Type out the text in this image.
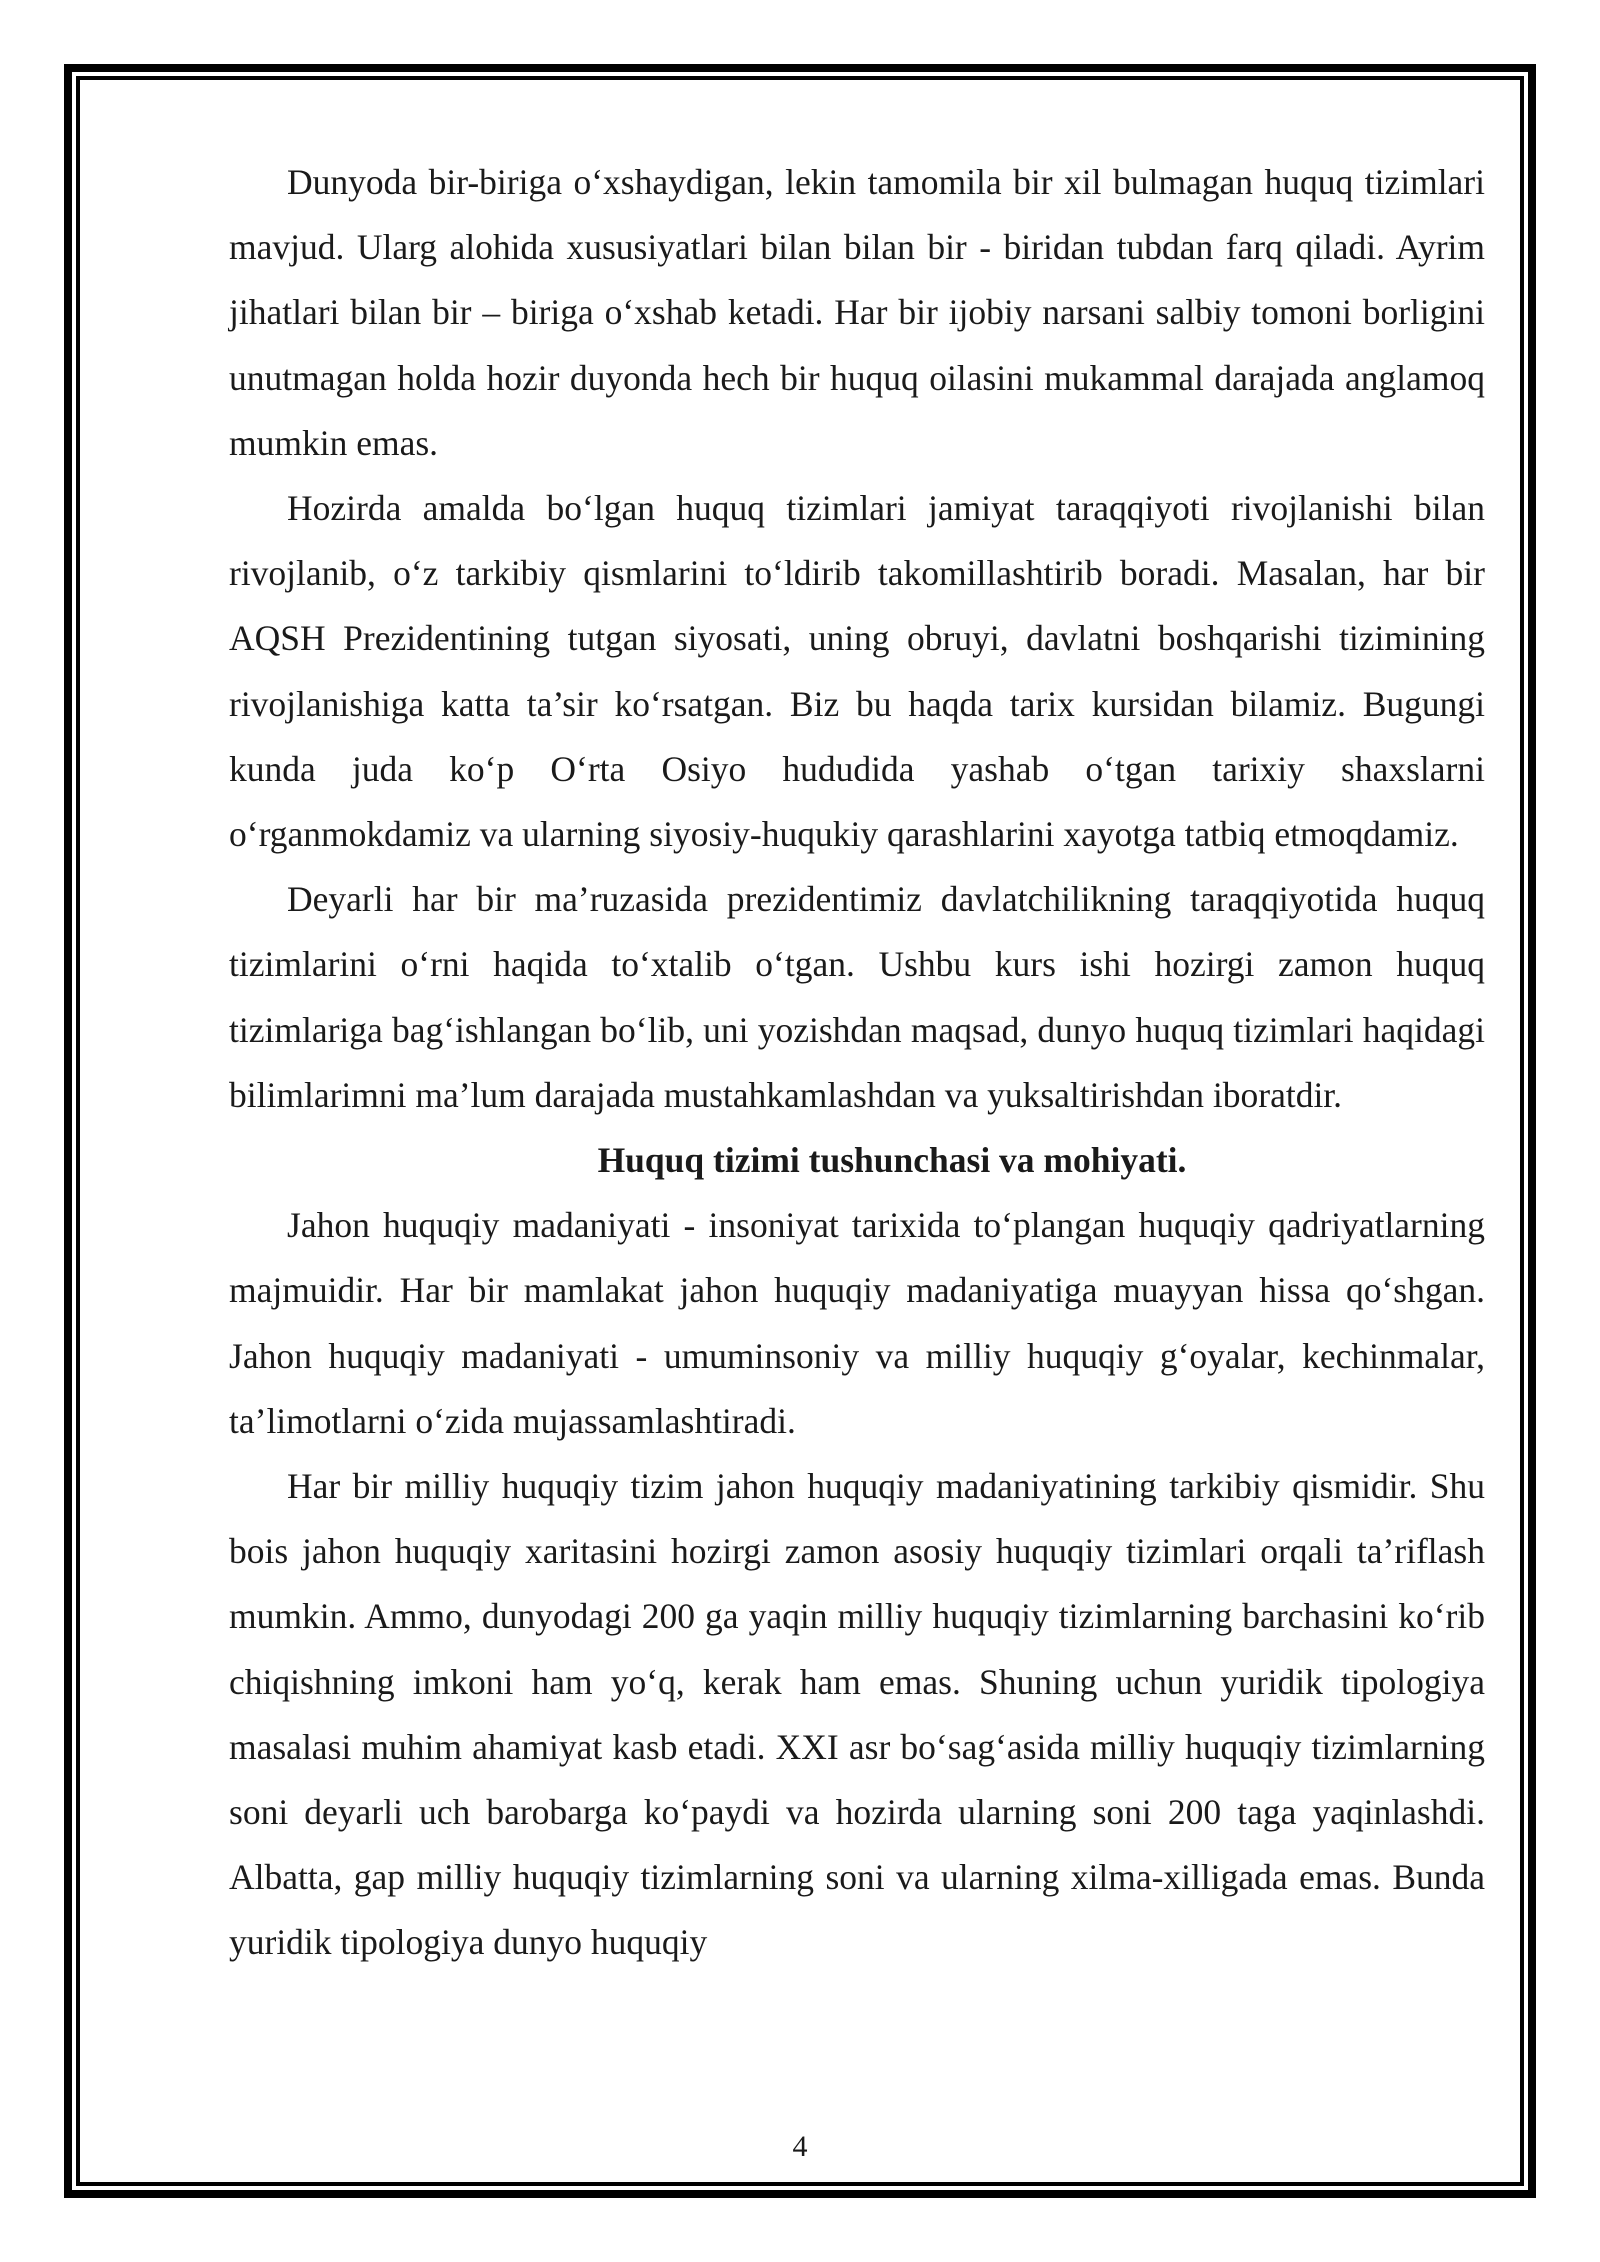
Dunyoda bir-biriga o‘xshaydigan, lekin tamomila bir xil bulmagan huquq tizimlari mavjud. Ularg alohida xususiyatlari bilan bilan bir - biridan tubdan farq qiladi. Ayrim jihatlari bilan bir – biriga o‘xshab ketadi. Har bir ijobiy narsani salbiy tomoni borligini unutmagan holda hozir duyonda hech bir huquq oilasini mukammal darajada anglamoq mumkin emas.

Hozirda amalda bo‘lgan huquq tizimlari jamiyat taraqqiyoti rivojlanishi bilan rivojlanib, o‘z tarkibiy qismlarini to‘ldirib takomillashtirib boradi. Masalan, har bir AQSH Prezidentining tutgan siyosati, uning obruyi, davlatni boshqarishi tizimining rivojlanishiga katta ta’sir ko‘rsatgan. Biz bu haqda tarix kursidan bilamiz. Bugungi kunda juda ko‘p O‘rta Osiyo hududida yashab o‘tgan tarixiy shaxslarni o‘rganmokdamiz va ularning siyosiy-huqukiy qarashlarini xayotga tatbiq etmoqdamiz.

Deyarli har bir ma’ruzasida prezidentimiz davlatchilikning taraqqiyotida huquq tizimlarini o‘rni haqida to‘xtalib o‘tgan. Ushbu kurs ishi hozirgi zamon huquq tizimlariga bag‘ishlangan bo‘lib, uni yozishdan maqsad, dunyo huquq tizimlari haqidagi bilimlarimni ma’lum darajada mustahkamlashdan va yuksaltirishdan iboratdir.

Huquq tizimi tushunchasi va mohiyati.

Jahon huquqiy madaniyati - insoniyat tarixida to‘plangan huquqiy qadriyatlarning majmuidir. Har bir mamlakat jahon huquqiy madaniyatiga muayyan hissa qo‘shgan. Jahon huquqiy madaniyati - umuminsoniy va milliy huquqiy g‘oyalar, kechinmalar, ta’limotlarni o‘zida mujassamlashtiradi.

Har bir milliy huquqiy tizim jahon huquqiy madaniyatining tarkibiy qismidir. Shu bois jahon huquqiy xaritasini hozirgi zamon asosiy huquqiy tizimlari orqali ta’riflash mumkin. Ammo, dunyodagi 200 ga yaqin milliy huquqiy tizimlarning barchasini ko‘rib chiqishning imkoni ham yo‘q, kerak ham emas. Shuning uchun yuridik tipologiya masalasi muhim ahamiyat kasb etadi. XXI asr bo‘sag‘asida milliy huquqiy tizimlarning soni deyarli uch barobarga ko‘paydi va hozirda ularning soni 200 taga yaqinlashdi. Albatta, gap milliy huquqiy tizimlarning soni va ularning xilma-xilligada emas. Bunda yuridik tipologiya dunyo huquqiy

4
